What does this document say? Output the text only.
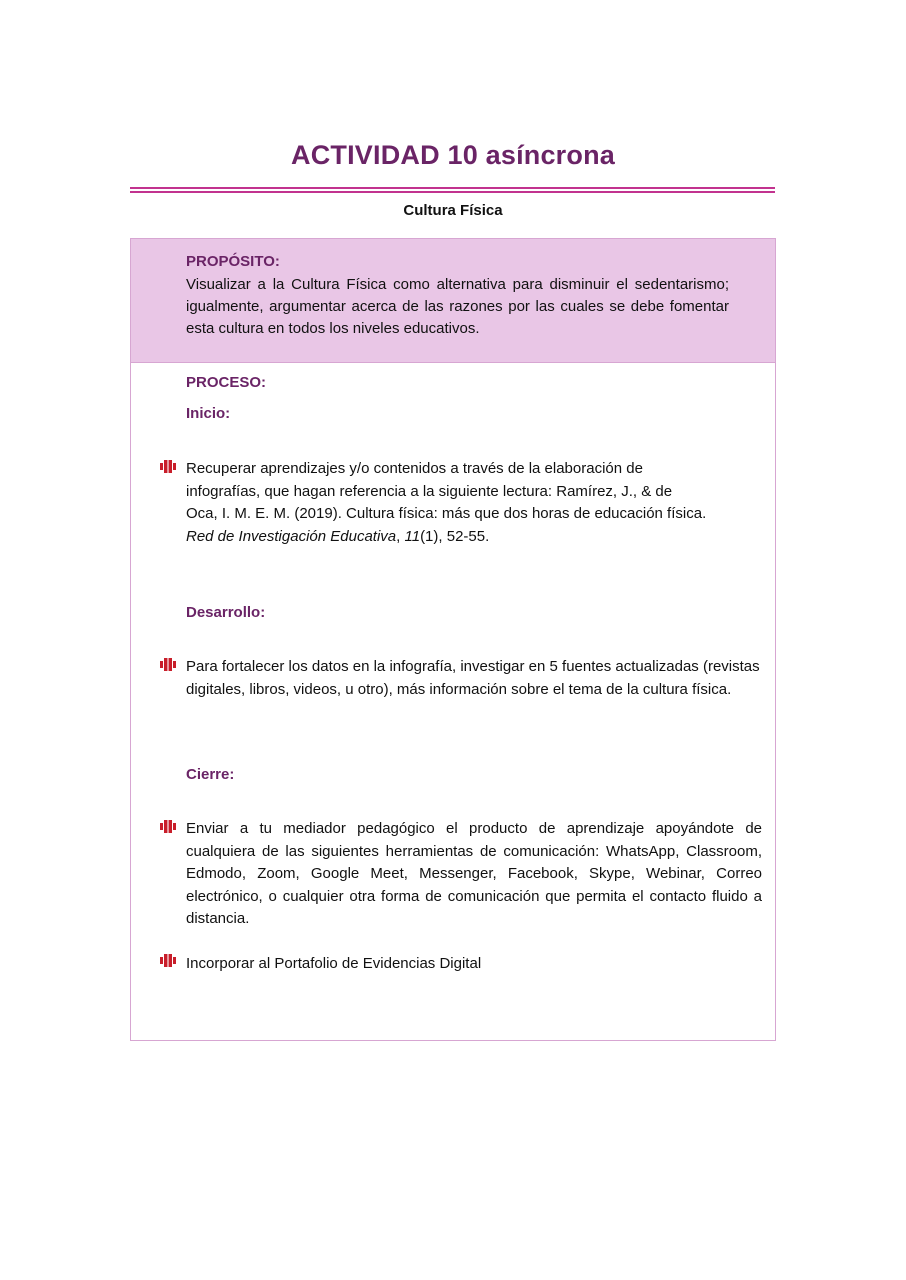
ACTIVIDAD 10 asíncrona
Cultura Física
PROPÓSITO:
Visualizar a la Cultura Física como alternativa para disminuir el sedentarismo; igualmente, argumentar acerca de las razones por las cuales se debe fomentar esta cultura en todos los niveles educativos.
PROCESO:
Inicio:
Recuperar aprendizajes y/o contenidos a través de la elaboración de
infografías, que hagan referencia a la siguiente lectura: Ramírez, J., & de
Oca, I. M. E. M. (2019). Cultura física: más que dos horas de educación física.
Red de Investigación Educativa, 11(1), 52-55.
Desarrollo:
Para fortalecer los datos en la infografía, investigar en 5 fuentes actualizadas (revistas digitales, libros, videos, u otro), más información sobre el tema de la cultura física.
Cierre:
Enviar a tu mediador pedagógico el producto de aprendizaje apoyándote de cualquiera de las siguientes herramientas de comunicación: WhatsApp, Classroom, Edmodo, Zoom, Google Meet, Messenger, Facebook, Skype, Webinar, Correo electrónico, o cualquier otra forma de comunicación que permita el contacto fluido a distancia.
Incorporar al Portafolio de Evidencias Digital
